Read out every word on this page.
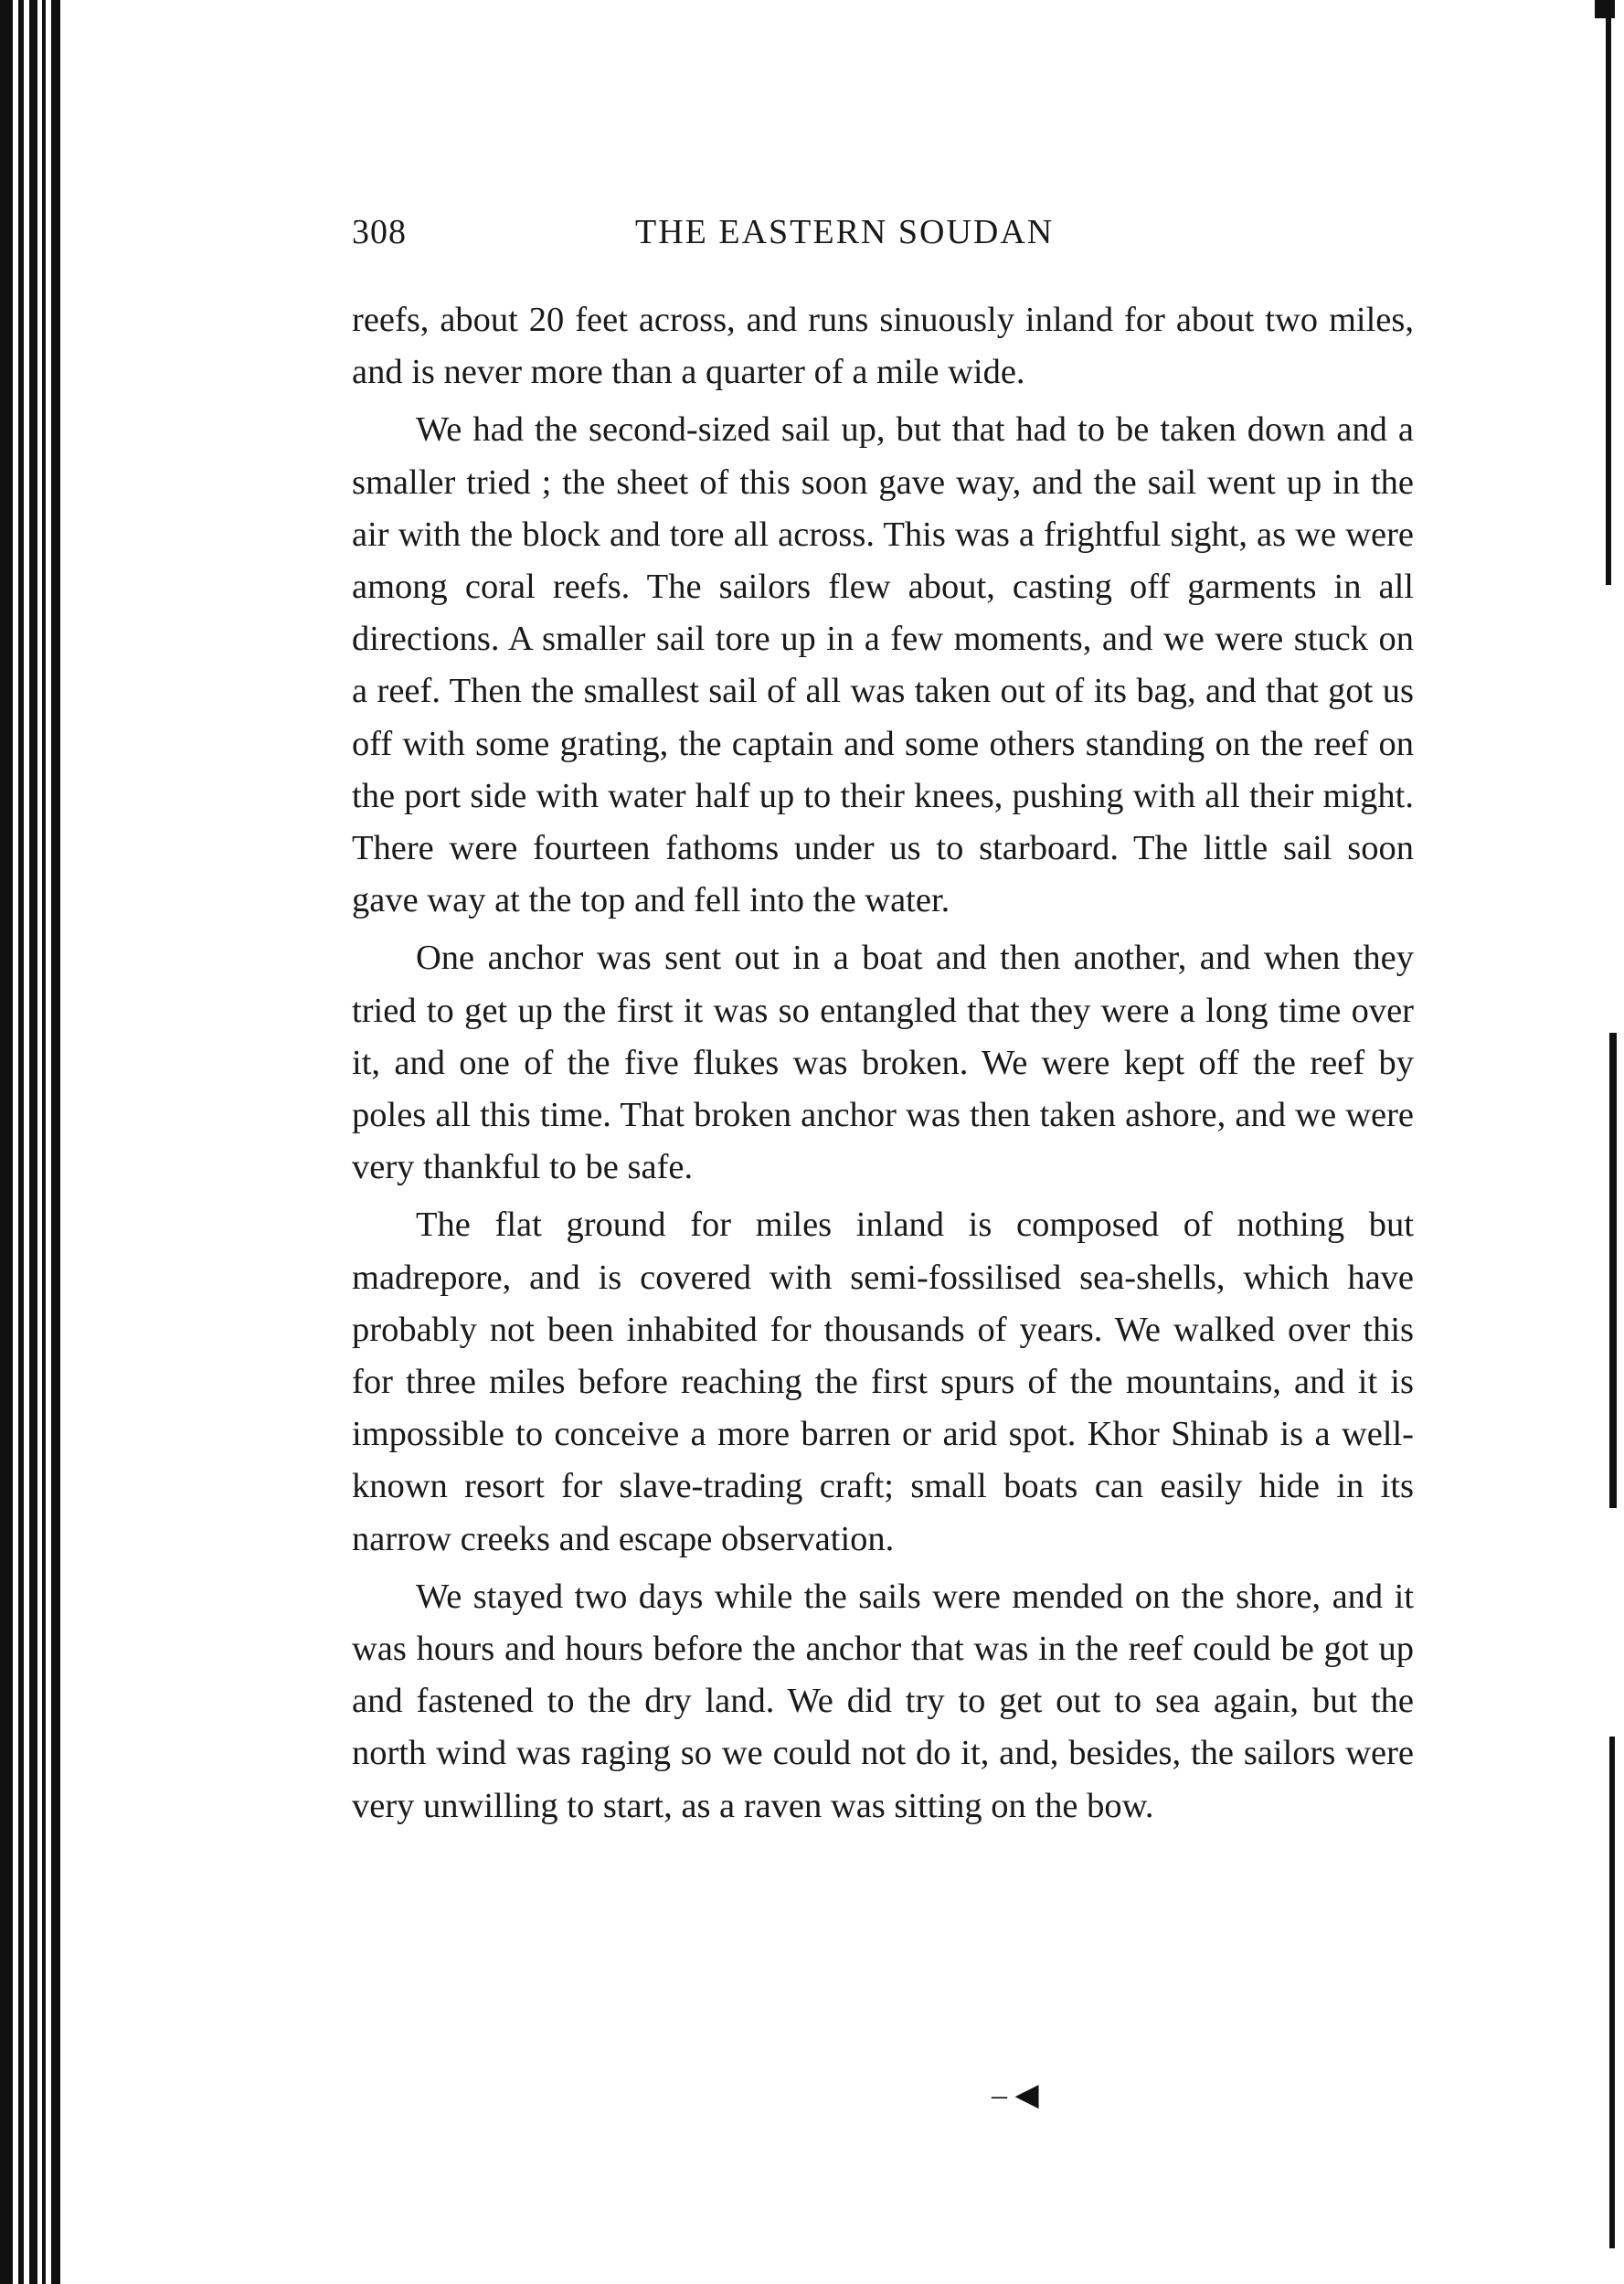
308	THE EASTERN SOUDAN

reefs, about 20 feet across, and runs sinuously inland for about two miles, and is never more than a quarter of a mile wide.

We had the second-sized sail up, but that had to be taken down and a smaller tried ; the sheet of this soon gave way, and the sail went up in the air with the block and tore all across. This was a frightful sight, as we were among coral reefs. The sailors flew about, casting off garments in all directions. A smaller sail tore up in a few moments, and we were stuck on a reef. Then the smallest sail of all was taken out of its bag, and that got us off with some grating, the captain and some others standing on the reef on the port side with water half up to their knees, pushing with all their might. There were fourteen fathoms under us to starboard. The little sail soon gave way at the top and fell into the water.

One anchor was sent out in a boat and then another, and when they tried to get up the first it was so entangled that they were a long time over it, and one of the five flukes was broken. We were kept off the reef by poles all this time. That broken anchor was then taken ashore, and we were very thankful to be safe.

The flat ground for miles inland is composed of nothing but madrepore, and is covered with semi-fossilised sea-shells, which have probably not been inhabited for thousands of years. We walked over this for three miles before reaching the first spurs of the mountains, and it is impossible to conceive a more barren or arid spot. Khor Shinab is a well-known resort for slave-trading craft; small boats can easily hide in its narrow creeks and escape observation.

We stayed two days while the sails were mended on the shore, and it was hours and hours before the anchor that was in the reef could be got up and fastened to the dry land. We did try to get out to sea again, but the north wind was raging so we could not do it, and, besides, the sailors were very unwilling to start, as a raven was sitting on the bow.

– ◀
